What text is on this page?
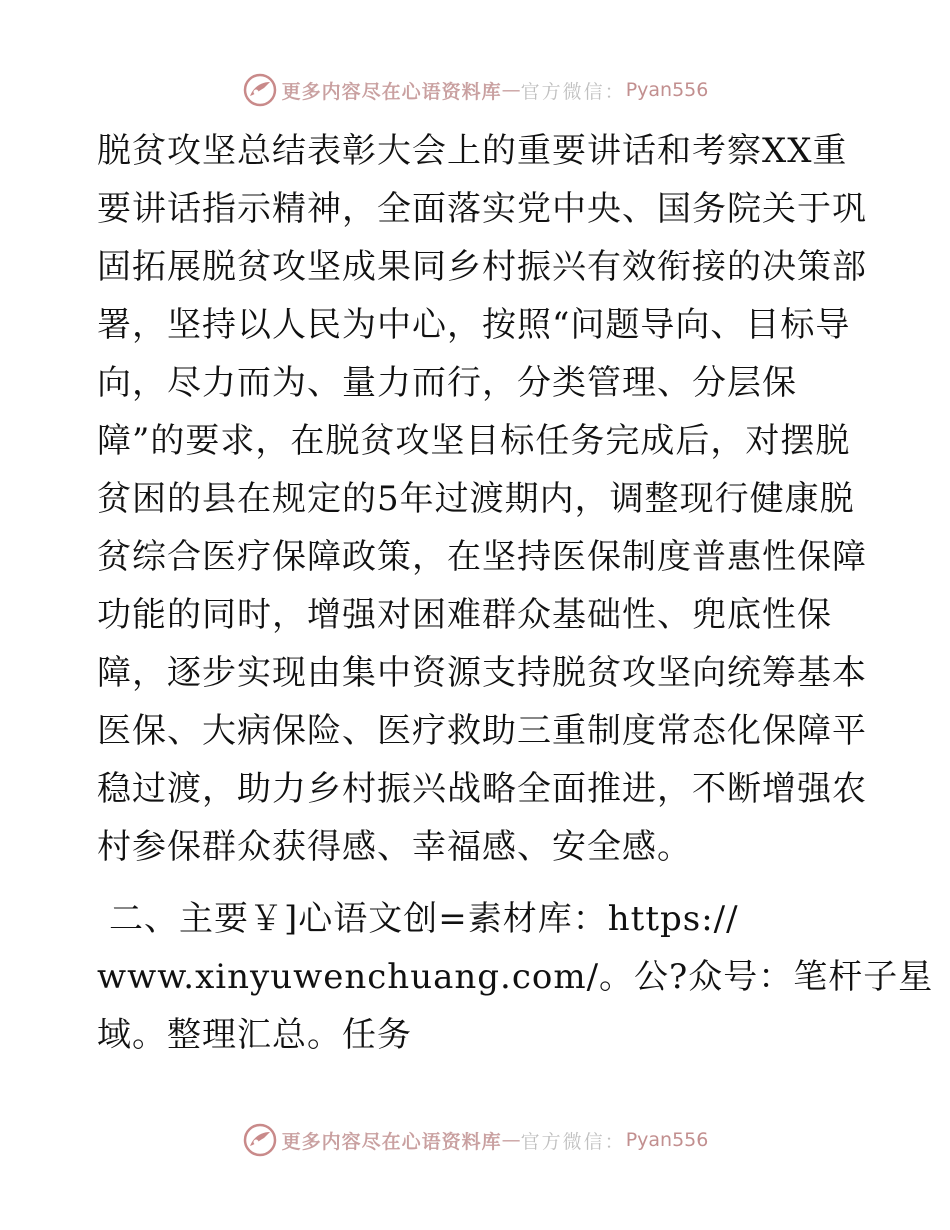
更多内容尽在心语资料库 — 官方微信： Pyan556
脱贫攻坚总结表彰大会上的重要讲话和考察XX重
要讲话指示精神，全面落实党中央、国务院关于巩
固拓展脱贫攻坚成果同乡村振兴有效衔接的决策部
署，坚持以人民为中心，按照“问题导向、目标导
向，尽力而为、量力而行，分类管理、分层保
障”的要求，在脱贫攻坚目标任务完成后，对摆脱
贫困的县在规定的5年过渡期内，调整现行健康脱
贫综合医疗保障政策，在坚持医保制度普惠性保障
功能的同时，增强对困难群众基础性、兜底性保
障，逐步实现由集中资源支持脱贫攻坚向统筹基本
医保、大病保险、医疗救助三重制度常态化保障平
稳过渡，助力乡村振兴战略全面推进，不断增强农
村参保群众获得感、幸福感、安全感。
二、主要￥]心语文创=素材库：https://
www.xinyuwenchuang.com/。公?众号：笔杆子星
域。整理汇总。任务
更多内容尽在心语资料库 — 官方微信： Pyan556
